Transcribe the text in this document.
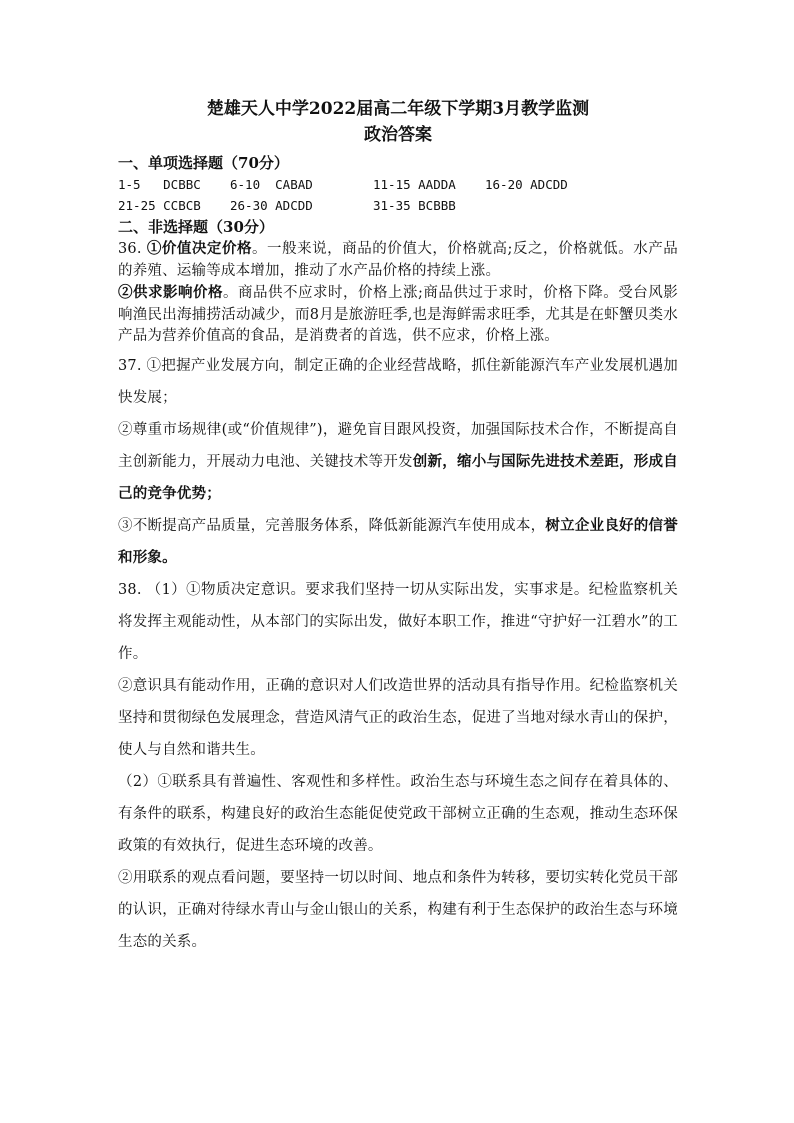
楚雄天人中学2022届高二年级下学期3月教学监测

政治答案

一、单项选择题（70分）

1-5   DCBBC	6-10  CABAD	11-15 AADDA	16-20 ADCDD
21-25 CCBCB	26-30 ADCDD	31-35 BCBBB

二、非选择题（30分）

36. ①价值决定价格。一般来说，商品的价值大，价格就高;反之，价格就低。水产品的养殖、运输等成本增加，推动了水产品价格的持续上涨。

②供求影响价格。商品供不应求时，价格上涨;商品供过于求时，价格下降。受台风影响渔民出海捕捞活动减少，而8月是旅游旺季,也是海鲜需求旺季，尤其是在虾蟹贝类水产品为营养价值高的食品，是消费者的首选，供不应求，价格上涨。

37. ①把握产业发展方向，制定正确的企业经营战略，抓住新能源汽车产业发展机遇加快发展；

②尊重市场规律(或“价值规律”)，避免盲目跟风投资，加强国际技术合作，不断提高自主创新能力，开展动力电池、关键技术等开发创新，缩小与国际先进技术差距，形成自己的竞争优势；

③不断提高产品质量，完善服务体系，降低新能源汽车使用成本，树立企业良好的信誉和形象。

38. （1）①物质决定意识。要求我们坚持一切从实际出发，实事求是。纪检监察机关将发挥主观能动性，从本部门的实际出发，做好本职工作，推进“守护好一江碧水”的工作。

②意识具有能动作用，正确的意识对人们改造世界的活动具有指导作用。纪检监察机关坚持和贯彻绿色发展理念，营造风清气正的政治生态，促进了当地对绿水青山的保护，使人与自然和谐共生。

（2）①联系具有普遍性、客观性和多样性。政治生态与环境生态之间存在着具体的、有条件的联系，构建良好的政治生态能促使党政干部树立正确的生态观，推动生态环保政策的有效执行，促进生态环境的改善。

②用联系的观点看问题，要坚持一切以时间、地点和条件为转移，要切实转化党员干部的认识，正确对待绿水青山与金山银山的关系，构建有利于生态保护的政治生态与环境生态的关系。
